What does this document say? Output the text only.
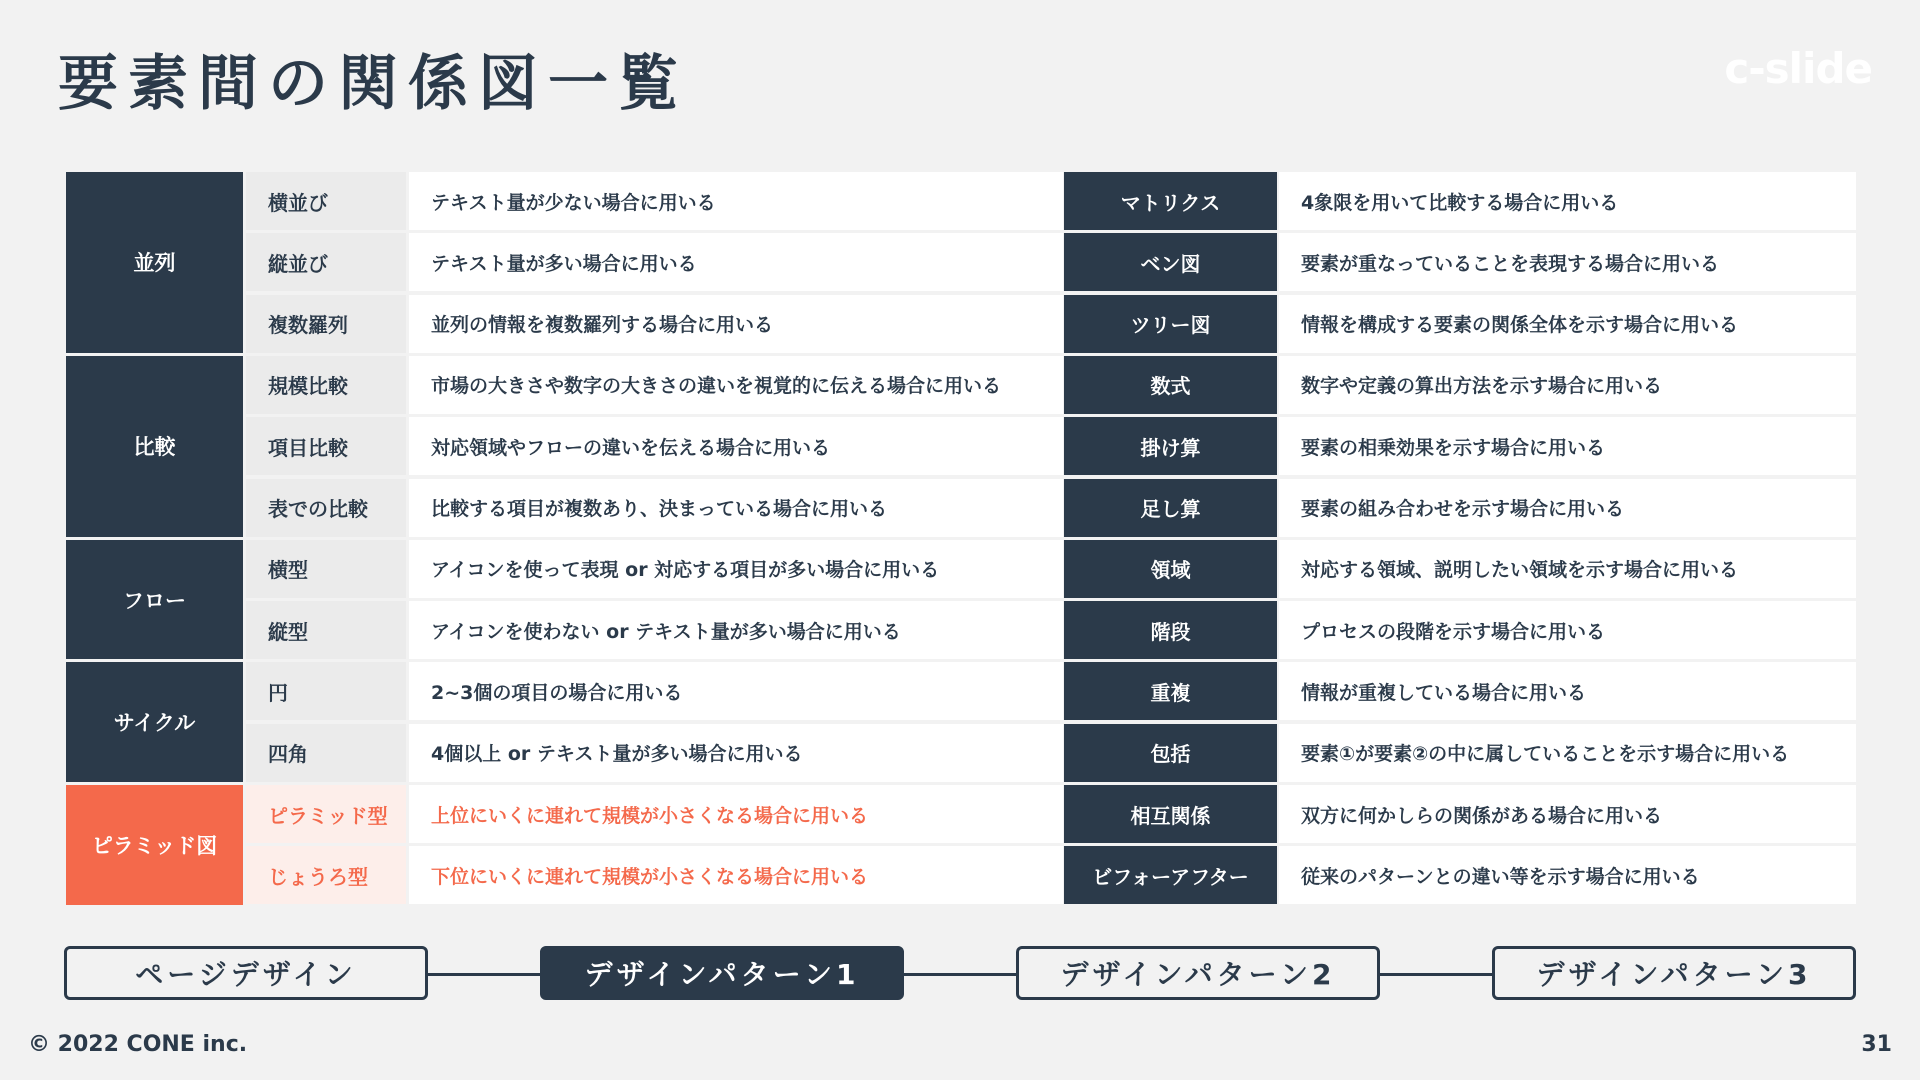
要素間の関係図一覧	c-slide
並列
横並び	テキスト量が少ない場合に用いる
縦並び	テキスト量が多い場合に用いる
複数羅列	並列の情報を複数羅列する場合に用いる
比較
規模比較	市場の大きさや数字の大きさの違いを視覚的に伝える場合に用いる
項目比較	対応領域やフローの違いを伝える場合に用いる
表での比較	比較する項目が複数あり、決まっている場合に用いる
フロー
横型	アイコンを使って表現 or 対応する項目が多い場合に用いる
縦型	アイコンを使わない or テキスト量が多い場合に用いる
サイクル
円	2~3個の項目の場合に用いる
四角	4個以上 or テキスト量が多い場合に用いる
ピラミッド図
ピラミッド型	上位にいくに連れて規模が小さくなる場合に用いる
じょうろ型	下位にいくに連れて規模が小さくなる場合に用いる
マトリクス	4象限を用いて比較する場合に用いる
ベン図	要素が重なっていることを表現する場合に用いる
ツリー図	情報を構成する要素の関係全体を示す場合に用いる
数式	数字や定義の算出方法を示す場合に用いる
掛け算	要素の相乗効果を示す場合に用いる
足し算	要素の組み合わせを示す場合に用いる
領域	対応する領域、説明したい領域を示す場合に用いる
階段	プロセスの段階を示す場合に用いる
重複	情報が重複している場合に用いる
包括	要素①が要素②の中に属していることを示す場合に用いる
相互関係	双方に何かしらの関係がある場合に用いる
ビフォーアフター	従来のパターンとの違い等を示す場合に用いる
ページデザイン	デザインパターン1	デザインパターン2	デザインパターン3
© 2022 CONE inc.	31
